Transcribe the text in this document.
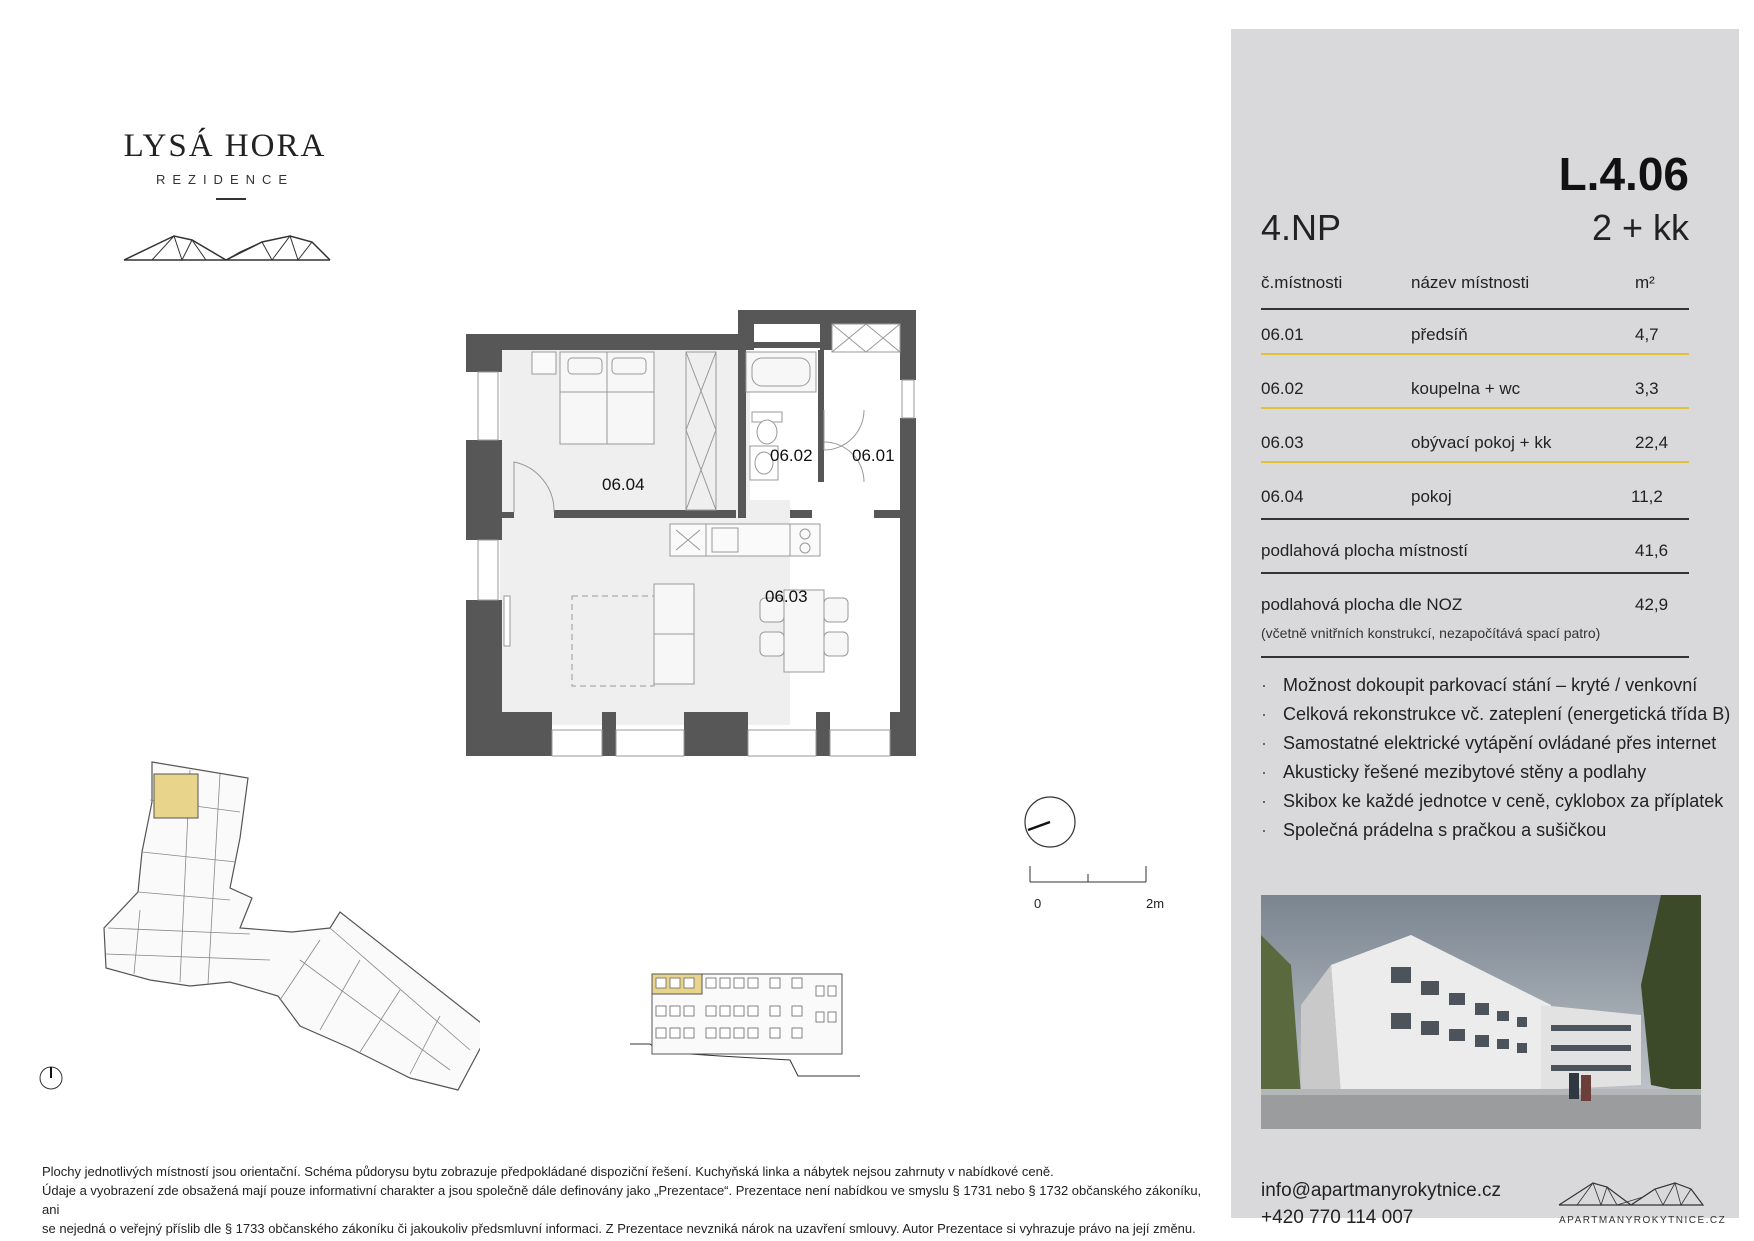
LYSÁ HORA
REZIDENCE
06.04
06.02 06.01
06.03
0	2m
Plochy jednotlivých místností jsou orientační. Schéma půdorysu bytu zobrazuje předpokládané dispoziční řešení. Kuchyňská linka a nábytek nejsou zahrnuty v nabídkové ceně.
Údaje a vyobrazení zde obsažená mají pouze informativní charakter a jsou společně dále definovány jako „Prezentace“. Prezentace není nabídkou ve smyslu § 1731 nebo § 1732 občanského zákoníku, ani
se nejedná o veřejný příslib dle § 1733 občanského zákoníku či jakoukoliv předsmluvní informaci. Z Prezentace nevzniká nárok na uzavření smlouvy. Autor Prezentace si vyhrazuje právo na její změnu.
L.4.06
4.NP	2 + kk
č.místnosti	název místnosti	m²
06.01	předsíň	4,7
06.02	koupelna + wc	3,3
06.03	obývací pokoj + kk	22,4
06.04	pokoj	11,2
podlahová plocha místností	41,6
podlahová plocha dle NOZ	42,9
(včetně vnitřních konstrukcí, nezapočítává spací patro)
· Možnost dokoupit parkovací stání – kryté / venkovní
· Celková rekonstrukce vč. zateplení (energetická třída B)
· Samostatné elektrické vytápění ovládané přes internet
· Akusticky řešené mezibytové stěny a podlahy
· Skibox ke každé jednotce v ceně, cyklobox za příplatek
· Společná prádelna s pračkou a sušičkou
info@apartmanyrokytnice.cz
+420 770 114 007	APARTMANYROKYTNICE.CZ
